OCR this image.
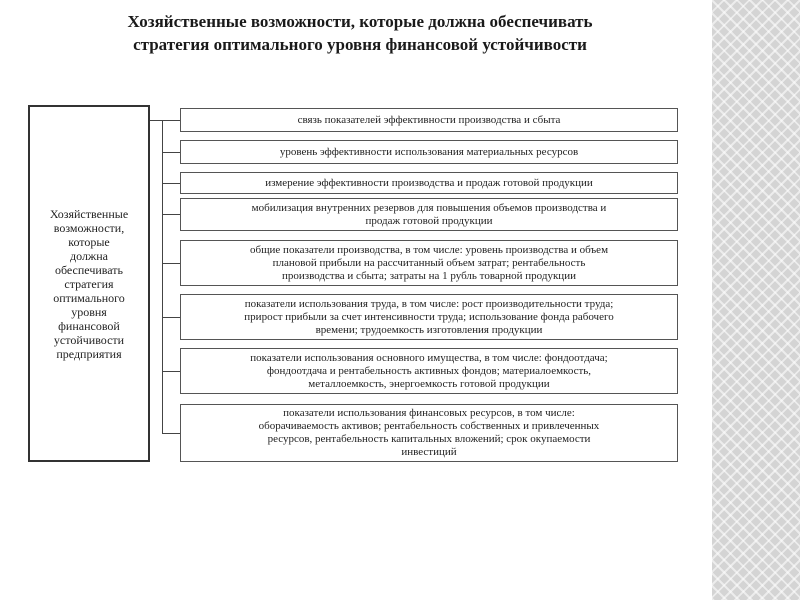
Хозяйственные возможности, которые должна обеспечивать
стратегия оптимального уровня финансовой устойчивости
Хозяйственные
возможности,
которые
должна
обеспечивать
стратегия
оптимального
уровня
финансовой
устойчивости
предприятия
связь показателей эффективности производства и сбыта
уровень эффективности использования материальных ресурсов
измерение эффективности производства и продаж готовой продукции
мобилизация внутренних резервов для повышения объемов производства и
продаж готовой продукции
общие показатели производства, в том числе: уровень производства и объем
плановой прибыли на рассчитанный объем затрат; рентабельность
производства и сбыта; затраты на 1 рубль товарной продукции
показатели использования труда, в том числе: рост производительности труда;
прирост прибыли за счет интенсивности труда; использование фонда рабочего
времени; трудоемкость изготовления продукции
показатели использования основного имущества, в том числе: фондоотдача;
фондоотдача и рентабельность активных фондов; материалоемкость,
металлоемкость, энергоемкость готовой продукции
показатели использования финансовых ресурсов, в том числе:
оборачиваемость активов; рентабельность собственных и привлеченных
ресурсов, рентабельность капитальных вложений; срок окупаемости
инвестиций
